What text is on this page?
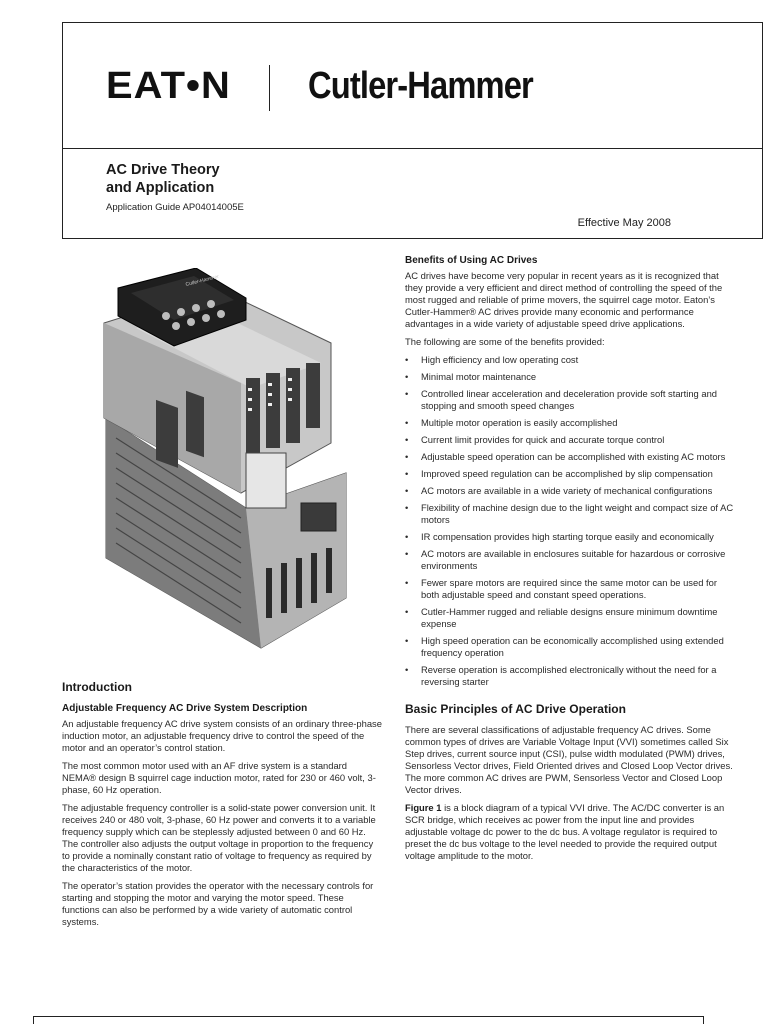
EAT•N Cutler-Hammer
AC Drive Theory
and Application
Application Guide AP04014005E
Effective May 2008
Cutler-Hammer
Introduction
Adjustable Frequency AC Drive System Description

An adjustable frequency AC drive system consists of an ordinary three-phase induction motor, an adjustable frequency drive to control the speed of the motor and an operator’s control station.

The most common motor used with an AF drive system is a standard NEMA® design B squirrel cage induction motor, rated for 230 or 460 volt, 3-phase, 60 Hz operation.

The adjustable frequency controller is a solid-state power conversion unit. It receives 240 or 480 volt, 3-phase, 60 Hz power and converts it to a variable frequency supply which can be steplessly adjusted between 0 and 60 Hz. The controller also adjusts the output voltage in proportion to the frequency to provide a nominally constant ratio of voltage to frequency as required by the characteristics of the motor.

The operator’s station provides the operator with the necessary controls for starting and stopping the motor and varying the motor speed. These functions can also be performed by a wide variety of automatic control systems.

Benefits of Using AC Drives

AC drives have become very popular in recent years as it is recognized that they provide a very efficient and direct method of controlling the speed of the most rugged and reliable of prime movers, the squirrel cage motor. Eaton’s Cutler-Hammer® AC drives provide many economic and performance advantages in a wide variety of adjustable speed drive applications.

The following are some of the benefits provided:

• High efficiency and low operating cost
• Minimal motor maintenance
• Controlled linear acceleration and deceleration provide soft starting and stopping and smooth speed changes
• Multiple motor operation is easily accomplished
• Current limit provides for quick and accurate torque control
• Adjustable speed operation can be accomplished with existing AC motors
• Improved speed regulation can be accomplished by slip compensation
• AC motors are available in a wide variety of mechanical configurations
• Flexibility of machine design due to the light weight and compact size of AC motors
• IR compensation provides high starting torque easily and economically
• AC motors are available in enclosures suitable for hazardous or corrosive environments
• Fewer spare motors are required since the same motor can be used for both adjustable speed and constant speed operations.
• Cutler-Hammer rugged and reliable designs ensure minimum downtime expense
• High speed operation can be economically accomplished using extended frequency operation
• Reverse operation is accomplished electronically without the need for a reversing starter
Basic Principles of AC Drive Operation

There are several classifications of adjustable frequency AC drives. Some common types of drives are Variable Voltage Input (VVI) sometimes called Six Step drives, current source input (CSI), pulse width modulated (PWM) drives, Sensorless Vector drives, Field Oriented drives and Closed Loop Vector drives. The more common AC drives are PWM, Sensorless Vector and Closed Loop Vector drives.

Figure 1 is a block diagram of a typical VVI drive. The AC/DC converter is an SCR bridge, which receives ac power from the input line and provides adjustable voltage dc power to the dc bus. A voltage regulator is required to preset the dc bus voltage to the level needed to provide the required output voltage amplitude to the motor.
